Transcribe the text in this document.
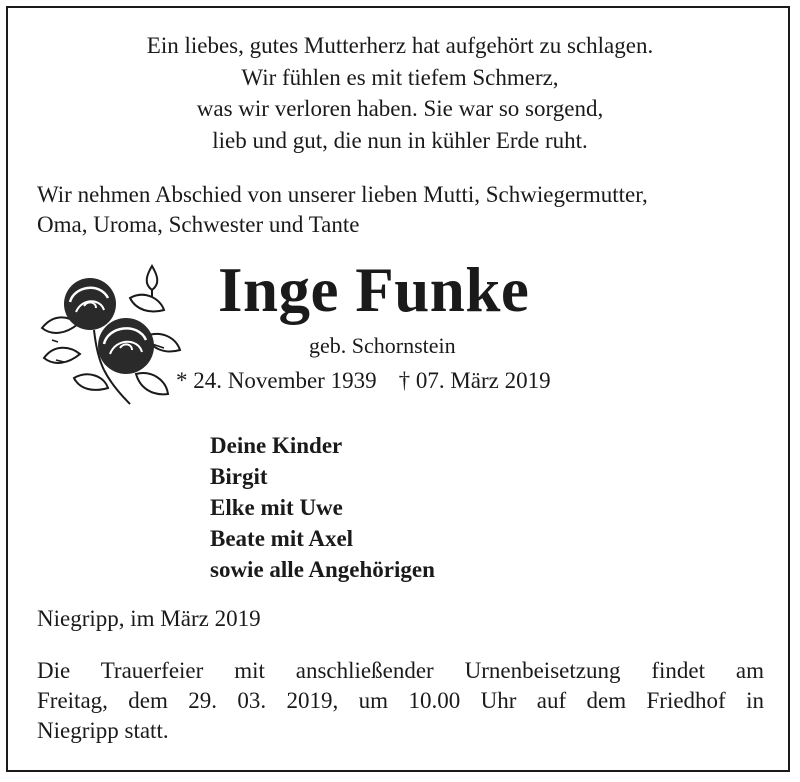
Ein liebes, gutes Mutterherz hat aufgehört zu schlagen.
Wir fühlen es mit tiefem Schmerz,
was wir verloren haben. Sie war so sorgend,
lieb und gut, die nun in kühler Erde ruht.
Wir nehmen Abschied von unserer lieben Mutti, Schwiegermutter,
Oma, Uroma, Schwester und Tante
Inge Funke
geb. Schornstein
* 24. November 1939 † 07. März 2019
Deine Kinder
Birgit
Elke mit Uwe
Beate mit Axel
sowie alle Angehörigen
Niegripp, im März 2019
Die Trauerfeier mit anschließender Urnenbeisetzung findet am
Freitag, dem 29. 03. 2019, um 10.00 Uhr auf dem Friedhof in
Niegripp statt.
